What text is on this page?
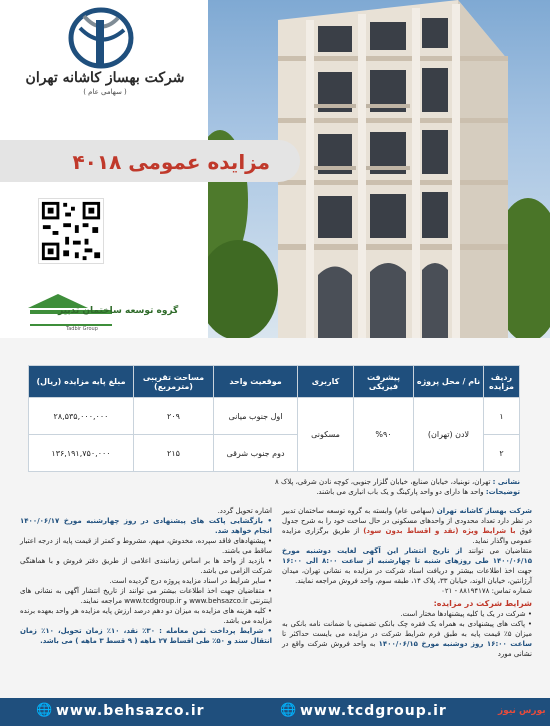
شرکت بهساز کاشانه تهران
( سهامی عام )
گروه توسعه ساختمان تدبیر
Tadbir Group
مزایده عمومی ۴۰۱۸
ردیف مزایده	نام / محل پروژه	پیشرفت فیزیکی	کاربری	موقعیت واحد	مساحت تقریبی (مترمربع)	مبلغ پایه مزایده (ریال)
۱	لادن (تهران)	%۹۰	مسکونی	اول جنوب میانی	۲۰۹	۲۸,۵۳۵,۰۰۰,۰۰۰
۲				دوم جنوب شرقی	۲۱۵	۱۳۶,۱۹۱,۷۵۰,۰۰۰
نشانی : تهران، نوبنیاد، خیابان صنایع، خیابان گلزار جنوبی، کوچه نادن شرقی، پلاک ۸
توضیحات: واحد ها دارای دو واحد پارکینگ و یک باب انباری می باشند.

شرکت بهساز کاشانه تهران (سهامی عام) وابسته به گروه توسعه ساختمان تدبیر در نظر دارد تعداد محدودی از واحدهای مسکونی در حال ساخت خود را به شرح جدول فوق با شرایط ویژه (نقد و اقساط بدون سود) از طریق برگزاری مزایده عمومی واگذار نماید.

متقاضیان می توانند از تاریخ انتشار این آگهی لغایت دوشنبه مورخ ۱۴۰۰/۰۶/۱۵ طی روزهای شنبه تا چهارشنبه از ساعت ۸:۰۰ الی ۱۶:۰۰ جهت اخذ اطلاعات بیشتر و دریافت اسناد شرکت در مزایده به نشانی تهران، میدان آرژانتین، خیابان الوند، خیابان ۳۳، پلاک ۱۴، طبقه سوم، واحد فروش مراجعه نمایند.

شماره تماس: ۸۸۱۹۴۱۷۸ - ۰۲۱

شرایط شرکت در مزایده:

• شرکت در یک یا کلیه پیشنهادها مختار است.

• پاکت های پیشنهادی به همراه یک فقره چک بانکی تضمینی یا ضمانت نامه بانکی به میزان ۵٪ قیمت پایه به طبق فرم شرایط شرکت در مزایده می بایست حداکثر تا ساعت ۱۶:۰۰ روز دوشنبه مورخ ۱۴۰۰/۰۶/۱۵ به واحد فروش شرکت واقع در نشانی مورد

اشاره تحویل گردد.

• بازگشایی پاکت های پیشنهادی در روز چهارشنبه مورخ ۱۴۰۰/۰۶/۱۷ انجام خواهد شد.

• پیشنهادهای فاقد سپرده، مخدوش، مبهم، مشروط و کمتر از قیمت پایه از درجه اعتبار ساقط می باشند.

• بازدید از واحد ها بر اساس زمانبندی اعلامی از طریق دفتر فروش و با هماهنگی شرکت الزامی می باشد.

• سایر شرایط در اسناد مزایده پروژه درج گردیده است.

• متقاضیان جهت اخذ اطلاعات بیشتر می توانند از تاریخ انتشار آگهی به نشانی های اینترنتی www.behsazco.ir و www.tcdgroup.ir مراجعه نمایند.

• کلیه هزینه های مزایده به میزان دو دهم درصد ارزش پایه مزایده هر واحد بعهده برنده مزایده می باشد.

• شرایط پرداخت ثمن معامله : ۳۰٪ نقد، ۱۰٪ زمان تحویل، ۱۰٪ زمان انتقال سند و ۵۰٪ طی اقساط ۲۷ ماهه ( ۹ قسط ۳ ماهه ) می باشد.

🌐 www.behsazco.ir	🌐 www.tcdgroup.ir	بورس نیوز
